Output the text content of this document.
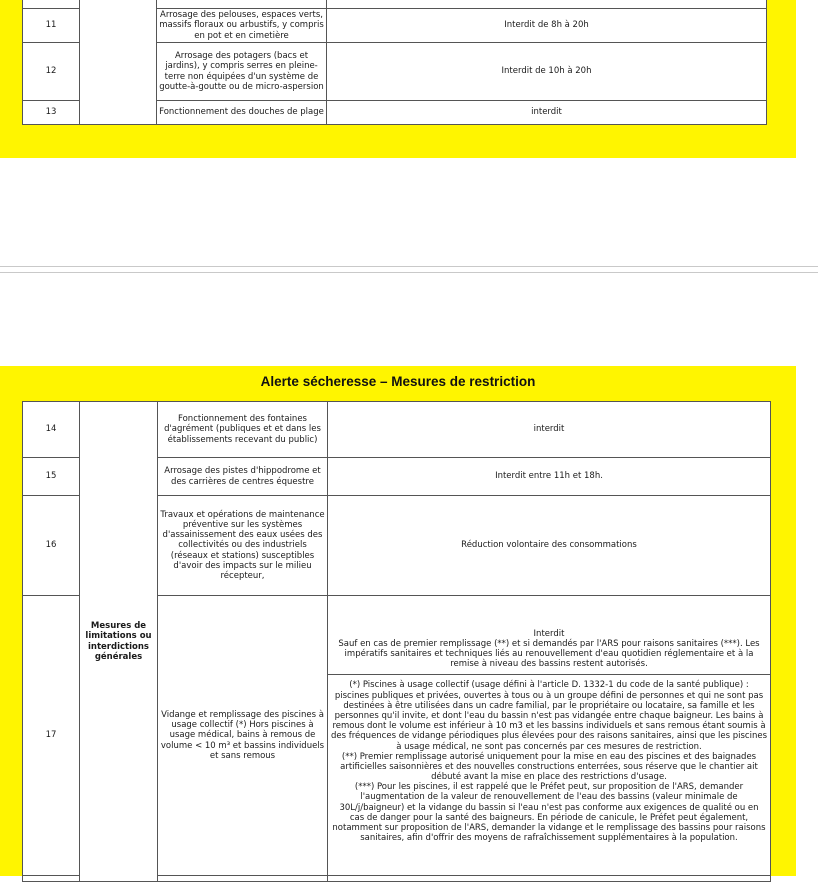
11		Arrosage des pelouses, espaces verts, massifs floraux ou arbustifs, y compris en pot et en cimetière	Interdit de 8h à 20h
12		Arrosage des potagers (bacs et jardins), y compris serres en pleine-terre non équipées d'un système de goutte-à-goutte ou de micro-aspersion	Interdit de 10h à 20h
13		Fonctionnement des douches de plage	interdit
Alerte sécheresse – Mesures de restriction
14	Mesures de limitations ou interdictions générales	Fonctionnement des fontaines d'agrément (publiques et et dans les établissements recevant du public)	interdit
15		Arrosage des pistes d'hippodrome et des carrières de centres équestre	Interdit entre 11h et 18h.
16		Travaux et opérations de maintenance préventive sur les systèmes d'assainissement des eaux usées des collectivités ou des industriels (réseaux et stations) susceptibles d'avoir des impacts sur le milieu récepteur,	Réduction volontaire des consommations
17		Vidange et remplissage des piscines à usage collectif (*) Hors piscines à usage médical, bains à remous de volume < 10 m³ et bassins individuels et sans remous	Interdit
Sauf en cas de premier remplissage (**) et si demandés par l'ARS pour raisons sanitaires (***). Les impératifs sanitaires et techniques liés au renouvellement d'eau quotidien réglementaire et à la remise à niveau des bassins restent autorisés.
(*) Piscines à usage collectif (usage défini à l'article D. 1332-1 du code de la santé publique) : piscines publiques et privées, ouvertes à tous ou à un groupe défini de personnes et qui ne sont pas destinées à être utilisées dans un cadre familial, par le propriétaire ou locataire, sa famille et les personnes qu'il invite, et dont l'eau du bassin n'est pas vidangée entre chaque baigneur. Les bains à remous dont le volume est inférieur à 10 m3 et les bassins individuels et sans remous étant soumis à des fréquences de vidange périodiques plus élevées pour des raisons sanitaires, ainsi que les piscines à usage médical, ne sont pas concernés par ces mesures de restriction.
(**) Premier remplissage autorisé uniquement pour la mise en eau des piscines et des baignades artificielles saisonnières et des nouvelles constructions enterrées, sous réserve que le chantier ait débuté avant la mise en place des restrictions d'usage.
(***) Pour les piscines, il est rappelé que le Préfet peut, sur proposition de l'ARS, demander l'augmentation de la valeur de renouvellement de l'eau des bassins (valeur minimale de 30L/j/baigneur) et la vidange du bassin si l'eau n'est pas conforme aux exigences de qualité ou en cas de danger pour la santé des baigneurs. En période de canicule, le Préfet peut également, notamment sur proposition de l'ARS, demander la vidange et le remplissage des bassins pour raisons sanitaires, afin d'offrir des moyens de rafraîchissement supplémentaires à la population.
